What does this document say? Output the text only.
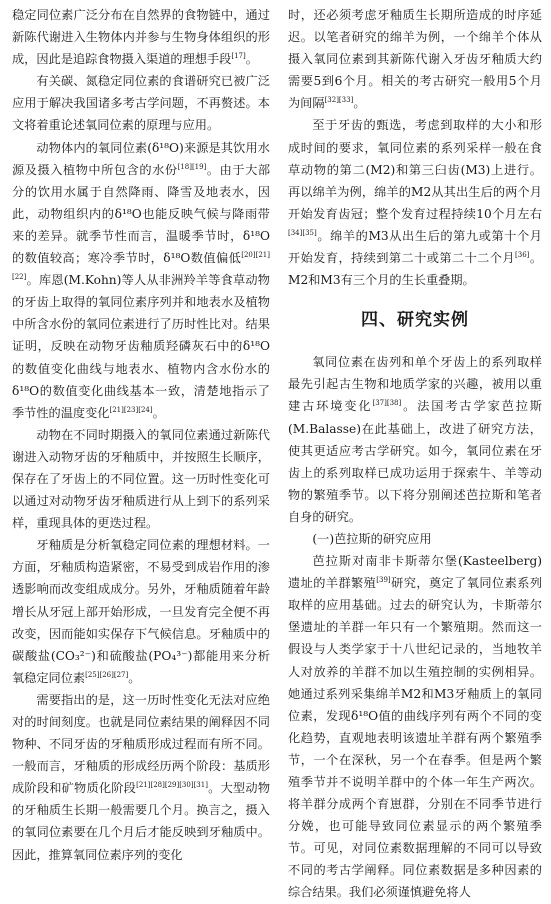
稳定同位素广泛分布在自然界的食物链中，通过新陈代谢进入生物体内并参与生物身体组织的形成，因此是追踪食物摄入渠道的理想手段[17]。

有关碳、氮稳定同位素的食谱研究已被广泛应用于解决我国诸多考古学问题，不再赘述。本文将着重论述氧同位素的原理与应用。

动物体内的氧同位素(δ¹⁸O)来源是其饮用水源及摄入植物中所包含的水份[18][19]。由于大部分的饮用水属于自然降雨、降雪及地表水，因此，动物组织内的δ¹⁸O也能反映气候与降雨带来的差异。就季节性而言，温暖季节时，δ¹⁸O的数值较高；寒冷季节时，δ¹⁸O数值偏低[20][21][22]。库恩(M.Kohn)等人从非洲羚羊等食草动物的牙齿上取得的氧同位素序列并和地表水及植物中所含水份的氧同位素进行了历时性比对。结果证明，反映在动物牙齿釉质羟磷灰石中的δ¹⁸O的数值变化曲线与地表水、植物内含水份水的δ¹⁸O的数值变化曲线基本一致，清楚地指示了季节性的温度变化[21][23][24]。

动物在不同时期摄入的氧同位素通过新陈代谢进入动物牙齿的牙釉质中，并按照生长顺序，保存在了牙齿上的不同位置。这一历时性变化可以通过对动物牙齿牙釉质进行从上到下的系列采样，重现具体的更迭过程。

牙釉质是分析氧稳定同位素的理想材料。一方面，牙釉质构造紧密，不易受到成岩作用的渗透影响而改变组成成分。另外，牙釉质随着年龄增长从牙冠上部开始形成，一旦发育完全便不再改变，因而能如实保存下气候信息。牙釉质中的碳酸盐(CO₃²⁻)和硫酸盐(PO₄³⁻)都能用来分析氧稳定同位素[25][26][27]。

需要指出的是，这一历时性变化无法对应绝对的时间刻度。也就是同位素结果的阐释因不同物种、不同牙齿的牙釉质形成过程而有所不同。一般而言，牙釉质的形成经历两个阶段：基质形成阶段和矿物质化阶段[21][28][29][30][31]。大型动物的牙釉质生长期一般需要几个月。换言之，摄入的氧同位素要在几个月后才能反映到牙釉质中。因此，推算氧同位素序列的变化

时，还必须考虑牙釉质生长期所造成的时序延迟。以笔者研究的绵羊为例，一个绵羊个体从摄入氧同位素到其新陈代谢入牙齿牙釉质大约需要5到6个月。相关的考古研究一般用5个月为间隔[32][33]。

至于牙齿的甄选，考虑到取样的大小和形成时间的要求，氧同位素的系列采样一般在食草动物的第二(M2)和第三臼齿(M3)上进行。再以绵羊为例，绵羊的M2从其出生后的两个月开始发育齿冠；整个发育过程持续10个月左右[34][35]。绵羊的M3从出生后的第九或第十个月开始发育，持续到第二十或第二十二个月[36]。M2和M3有三个月的生长重叠期。

四、研究实例

氧同位素在齿列和单个牙齿上的系列取样最先引起古生物和地质学家的兴趣，被用以重建古环境变化[37][38]。法国考古学家芭拉斯(M.Balasse)在此基础上，改进了研究方法，使其更适应考古学研究。如今，氧同位素在牙齿上的系列取样已成功运用于探索牛、羊等动物的繁殖季节。以下将分别阐述芭拉斯和笔者自身的研究。

(一)芭拉斯的研究应用

芭拉斯对南非卡斯蒂尔堡(Kasteelberg)遗址的羊群繁殖[39]研究，奠定了氧同位素系列取样的应用基础。过去的研究认为，卡斯蒂尔堡遗址的羊群一年只有一个繁殖期。然而这一假设与人类学家于十八世纪记录的，当地牧羊人对放养的羊群不加以生殖控制的实例相异。她通过系列采集绵羊M2和M3牙釉质上的氧同位素，发现δ¹⁸O值的曲线序列有两个不同的变化趋势，直观地表明该遗址羊群有两个繁殖季节，一个在深秋，另一个在春季。但是两个繁殖季节并不说明羊群中的个体一年生产两次。将羊群分成两个育崽群，分别在不同季节进行分娩，也可能导致同位素显示的两个繁殖季节。可见，对同位素数据理解的不同可以导致不同的考古学阐释。同位素数据是多种因素的综合结果。我们必须谨慎避免将人
